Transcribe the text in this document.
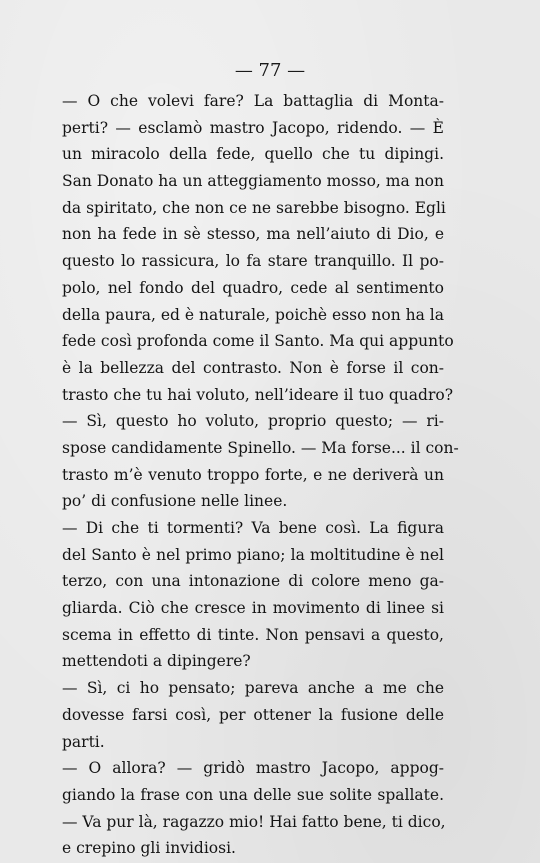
— 77 —
— O che volevi fare? La battaglia di Monta-
perti? — esclamò mastro Jacopo, ridendo. — È
un miracolo della fede, quello che tu dipingi.
San Donato ha un atteggiamento mosso, ma non
da spiritato, che non ce ne sarebbe bisogno. Egli
non ha fede in sè stesso, ma nell’aiuto di Dio, e
questo lo rassicura, lo fa stare tranquillo. Il po-
polo, nel fondo del quadro, cede al sentimento
della paura, ed è naturale, poichè esso non ha la
fede così profonda come il Santo. Ma qui appunto
è la bellezza del contrasto. Non è forse il con-
trasto che tu hai voluto, nell’ideare il tuo quadro?
— Sì, questo ho voluto, proprio questo; — ri-
spose candidamente Spinello. — Ma forse... il con-
trasto m’è venuto troppo forte, e ne deriverà un
po’ di confusione nelle linee.
— Di che ti tormenti? Va bene così. La figura
del Santo è nel primo piano; la moltitudine è nel
terzo, con una intonazione di colore meno ga-
gliarda. Ciò che cresce in movimento di linee si
scema in effetto di tinte. Non pensavi a questo,
mettendoti a dipingere?
— Sì, ci ho pensato; pareva anche a me che
dovesse farsi così, per ottener la fusione delle
parti.
— O allora? — gridò mastro Jacopo, appog-
giando la frase con una delle sue solite spallate.
— Va pur là, ragazzo mio! Hai fatto bene, ti dico,
e crepino gli invidiosi.
